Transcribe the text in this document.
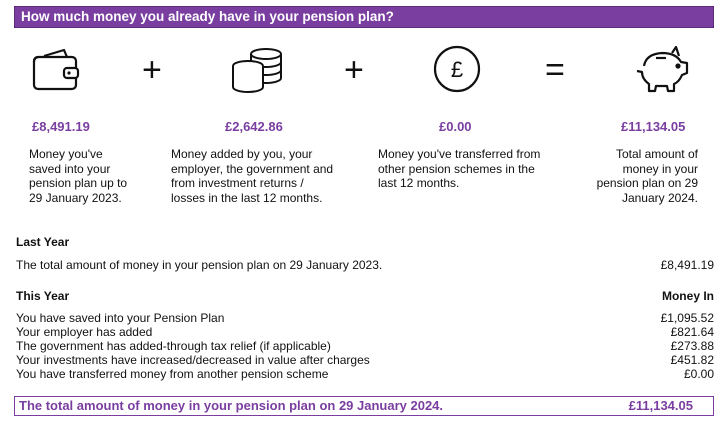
How much money you already have in your pension plan?
£
+	+	=
£8,491.19	£2,642.86	£0.00	£11,134.05
Money you've
saved into your
pension plan up to
29 January 2023.
Money added by you, your
employer, the government and
from investment returns /
losses in the last 12 months.
Money you've transferred from
other pension schemes in the
last 12 months.
Total amount of
money in your
pension plan on 29
January 2024.
Last Year
The total amount of money in your pension plan on 29 January 2023.	£8,491.19
This Year	Money In
You have saved into your Pension Plan	£1,095.52
Your employer has added	£821.64
The government has added-through tax relief (if applicable)	£273.88
Your investments have increased/decreased in value after charges	£451.82
You have transferred money from another pension scheme	£0.00
The total amount of money in your pension plan on 29 January 2024.	£11,134.05
